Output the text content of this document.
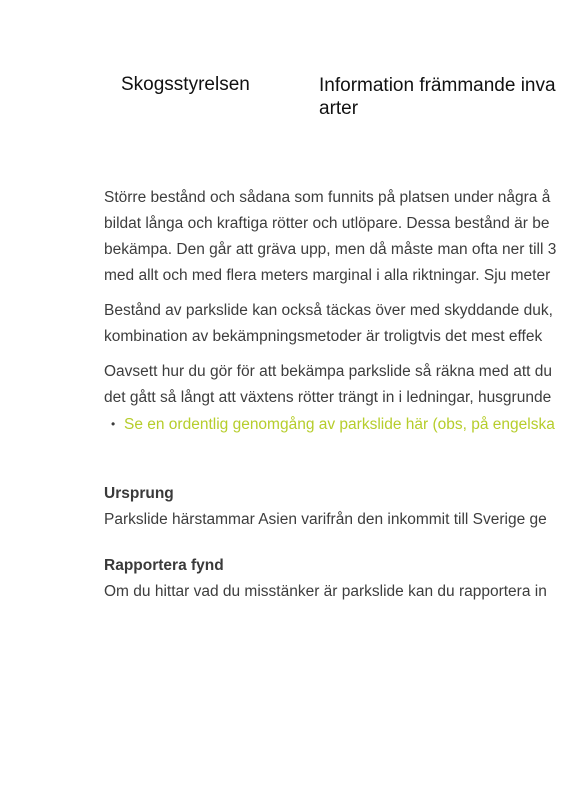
Skogsstyrelsen	Information främmande inva
arter

Större bestånd och sådana som funnits på platsen under några å
bildat långa och kraftiga rötter och utlöpare. Dessa bestånd är be
bekämpa. Den går att gräva upp, men då måste man ofta ner till 3
med allt och med flera meters marginal i alla riktningar. Sju meter

Bestånd av parkslide kan också täckas över med skyddande duk,
kombination av bekämpningsmetoder är troligtvis det mest effek

Oavsett hur du gör för att bekämpa parkslide så räkna med att du
det gått så långt att växtens rötter trängt in i ledningar, husgrunde
• Se en ordentlig genomgång av parkslide här (obs, på engelska

Ursprung
Parkslide härstammar Asien varifrån den inkommit till Sverige ge
Rapportera fynd
Om du hittar vad du misstänker är parkslide kan du rapportera in
